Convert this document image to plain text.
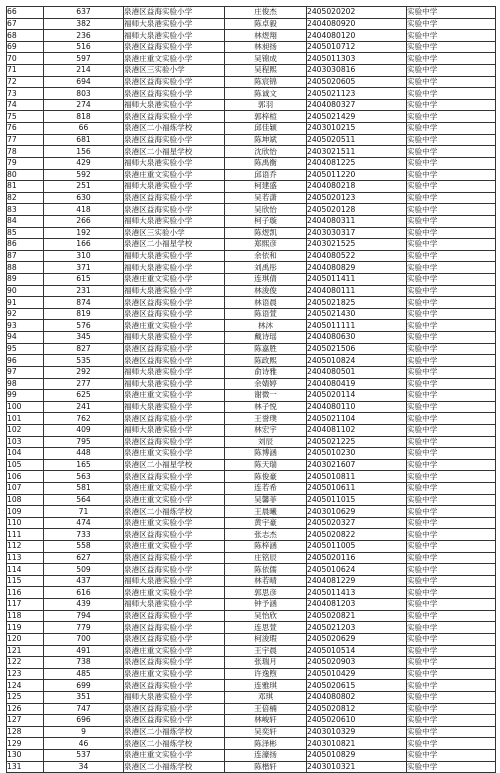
66	637	泉港区益海实验小学	庄俊杰	2405020202	实验中学
67	382	福师大泉港实验小学	陈卓毅	2404080920	实验中学
68	236	福师大泉港实验小学	林煜翔	2404080120	实验中学
69	516	泉港区益海实验小学	林昶扬	2405010712	实验中学
70	597	泉港庄重文实验小学	吴锦成	2405011303	实验中学
71	214	泉港区三实验小学	吴程熙	2403030816	实验中学
72	694	泉港区益海实验小学	陈宸锦	2405020605	实验中学
73	803	泉港区益海实验小学	陈诚文	2405021123	实验中学
74	274	福师大泉港实验小学	郭羽	2404080327	实验中学
75	818	泉港区益海实验小学	郭梓楦	2405021429	实验中学
76	66	泉港区二小福炼学校	邱佳颖	2403010215	实验中学
77	681	泉港区益海实验小学	陈坤斌	2405020511	实验中学
78	156	泉港区二小福星学校	沈欣怡	2403021511	实验中学
79	429	福师大泉港实验小学	陈禹衡	2404081225	实验中学
80	592	泉港庄重文实验小学	邱语乔	2405011220	实验中学
81	251	福师大泉港实验小学	柯建盛	2404080218	实验中学
82	630	泉港区益海实验小学	吴若潇	2405020123	实验中学
83	418	泉港区益海实验小学	吴欣怡	2405020128	实验中学
84	266	福师大泉港实验小学	柯子璇	2404080311	实验中学
85	192	泉港区三实验小学	陈煜凯	2403030317	实验中学
86	166	泉港区二小福星学校	郑熙彦	2403021525	实验中学
87	310	福师大泉港实验小学	余依和	2404080522	实验中学
88	371	福师大泉港实验小学	刘禹彤	2404080829	实验中学
89	615	泉港庄重文实验小学	连琪倩	2405011411	实验中学
90	231	福师大泉港实验小学	林浚俊	2404080111	实验中学
91	874	泉港区益海实验小学	林语晨	2405021825	实验中学
92	819	泉港区益海实验小学	陈语萱	2405021430	实验中学
93	576	泉港庄重文实验小学	林沐	2405011111	实验中学
94	345	福师大泉港实验小学	戴诗瑶	2404080630	实验中学
95	827	泉港区益海实验小学	陈嘉胜	2405021506	实验中学
96	535	泉港区益海实验小学	陈政熙	2405010824	实验中学
97	292	福师大泉港实验小学	俞诗雅	2404080501	实验中学
98	277	福师大泉港实验小学	余婧婷	2404080419	实验中学
99	625	泉港庄重文实验小学	谢微一	2405020114	实验中学
100	241	福师大泉港实验小学	林子悦	2404080110	实验中学
101	762	泉港区益海实验小学	王誉璞	2405021104	实验中学
102	409	福师大泉港实验小学	林宏宇	2404081102	实验中学
103	795	泉港区益海实验小学	刘辰	2405021225	实验中学
104	448	泉港庄重文实验小学	陈博涵	2405010230	实验中学
105	165	泉港区二小福星学校	陈天瑞	2403021607	实验中学
106	563	泉港区益海实验小学	陈俊豪	2405010811	实验中学
107	581	泉港庄重文实验小学	连若希	2405010611	实验中学
108	564	泉港庄重文实验小学	吴馨菲	2405011015	实验中学
109	71	泉港区二小福炼学校	王晨曦	2403010629	实验中学
110	474	泉港庄重文实验小学	黄宇豪	2405020327	实验中学
111	733	泉港区益海实验小学	张志杰	2405020822	实验中学
112	558	泉港庄重文实验小学	陈梓涵	2405011005	实验中学
113	627	泉港区益海实验小学	庄铭辰	2405020116	实验中学
114	509	泉港区益海实验小学	陈依儒	2405010624	实验中学
115	437	福师大泉港实验小学	林若晴	2404081229	实验中学
116	616	泉港庄重文实验小学	郭思彦	2405011413	实验中学
117	439	福师大泉港实验小学	钟予涵	2404081203	实验中学
118	794	泉港区益海实验小学	吴怡欣	2405020821	实验中学
119	779	泉港区益海实验小学	连思萱	2405021203	实验中学
120	700	泉港区益海实验小学	柯浚瑕	2405020629	实验中学
121	491	泉港庄重文实验小学	王宇晨	2405010514	实验中学
122	738	泉港区益海实验小学	张瑞月	2405020903	实验中学
123	485	泉港庄重文实验小学	许逸煦	2405010429	实验中学
124	699	泉港区益海实验小学	连雅琪	2405020615	实验中学
125	351	福师大泉港实验小学	邓琪	2404080802	实验中学
126	747	泉港区益海实验小学	王倍楠	2405020812	实验中学
127	696	泉港区益海实验小学	林峻轩	2405020610	实验中学
128	9	泉港区二小福炼学校	吴奕轩	2403010329	实验中学
129	46	泉港区二小福炼学校	陈泽彬	2403010821	实验中学
130	537	泉港庄重文实验小学	连濠扬	2405010829	实验中学
131	34	泉港区二小福炼学校	陈楷轩	2403010321	实验中学
